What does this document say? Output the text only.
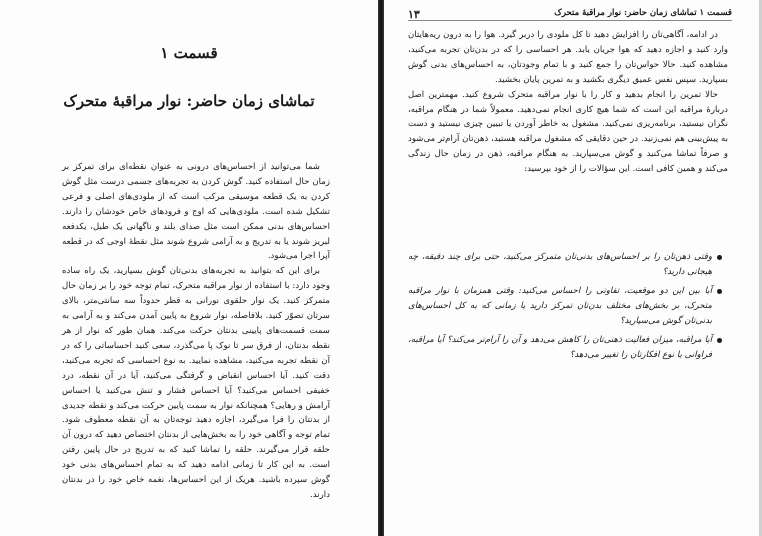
قسمت ۱
تماشای زمان حاضر: نوار مراقبهٔ متحرک

شما می‌توانید از احساس‌های درونی به عنوان نقطه‌ای برای تمرکز بر زمان حال استفاده کنید. گوش کردن به تجربه‌های جسمی درست مثل گوش کردن به یک قطعه موسیقی مرکب است که از ملودی‌های اصلی و فرعی تشکیل شده است. ملودی‌هایی که اوج و فرودهای خاص خودشان را دارند. احساس‌های بدنی ممکن است مثل صدای بلند و ناگهانی یک طبل، یکدفعه لبریز شوند یا به تدریج و به آرامی شروع شوند مثل نقطهٔ اوجی که در قطعه آپرا اجرا می‌شود.

برای این که بتوانید به تجربه‌های بدنی‌تان گوش بسپارید، یک راه ساده وجود دارد: با استفاده از نوار مراقبه متحرک، تمام توجه خود را بر زمان حال متمرکز کنید. یک نوار حلقوی نورانی به قطر حدوداً سه سانتی‌متر، بالای سرتان تصوّر کنید. بلافاصله، نوار شروع به پایین آمدن می‌کند و به آرامی به سمت قسمت‌های پایینی بدنتان حرکت می‌کند. همان طور که نوار از هر نقطه بدنتان، از فرق سر تا نوک پا می‌گذرد، سعی کنید احساساتی را که در آن نقطه تجربه می‌کنید، مشاهده نمایید. به نوع احساسی که تجربه می‌کنید، دقت کنید. آیا احساس انقباض و گرفتگی می‌کنید، آیا در آن نقطه، درد خفیفی احساس می‌کنید؟ آیا احساس فشار و تنش می‌کنید یا احساس آرامش و رهایی؟ همچنانکه نوار به سمت پایین حرکت می‌کند و نقطه جدیدی از بدنتان را فرا می‌گیرد، اجازه دهید توجه‌تان به آن نقطه معطوف شود. تمام توجه و آگاهی خود را به بخش‌هایی از بدنتان اختصاص دهید که درون آن حلقه قرار می‌گیرند. حلقه را تماشا کنید که به تدریج در حال پایین رفتن است. به این کار تا زمانی ادامه دهید که به تمام احساس‌های بدنی خود گوش سپرده باشید. هریک از این احساس‌ها، نغمه خاص خود را در بدنتان دارند.

۱۳	قسمت ۱ تماشای زمان حاضر: نوار مراقبهٔ متحرک

در ادامه، آگاهی‌تان را افزایش دهید تا کل ملودی را دربر گیرد. هوا را به درون ریه‌هایتان وارد کنید و اجازه دهید که هوا جریان یابد. هر احساسی را که در بدن‌تان تجربه می‌کنید، مشاهده کنید. حالا حواس‌تان را جمع کنید و با تمام وجودتان، به احساس‌های بدنی گوش بسپارید. سپس نفس عمیق دیگری بکشید و به تمرین پایان بخشید.

حالا تمرین را انجام بدهید و کار را با نوار مراقبه متحرک شروع کنید. مهمترین اصل دربارهٔ مراقبه این است که شما هیچ کاری انجام نمی‌دهید. معمولاً شما در هنگام مراقبه، نگران نیستید، برنامه‌ریزی نمی‌کنید. مشغول به خاطر آوردن یا تبیین چیزی نیستید و دست به پیش‌بینی هم نمی‌زنید. در حین دقایقی که مشغول مراقبه هستید، ذهن‌تان آرام‌تر می‌شود و صرفاً تماشا می‌کنید و گوش می‌سپارید. به هنگام مراقبه، ذهن در زمان حال زندگی می‌کند و همین کافی است. این سؤالات را از خود بپرسید:

وقتی ذهن‌تان را بر احساس‌های بدنی‌تان متمرکز می‌کنید، حتی برای چند دقیقه، چه هیجانی دارید؟
آیا بین این دو موقعیت، تفاوتی را احساس می‌کنید: وقتی همزمان با نوار مراقبه متحرک، بر بخش‌های مختلف بدن‌تان تمرکز دارید یا زمانی که به کل احساس‌های بدنی‌تان گوش می‌سپارید؟
آیا مراقبه، میزان فعالیت ذهنی‌تان را کاهش می‌دهد و آن را آرام‌تر می‌کند؟ آیا مراقبه، فراوانی یا نوع افکارتان را تغییر می‌دهد؟
